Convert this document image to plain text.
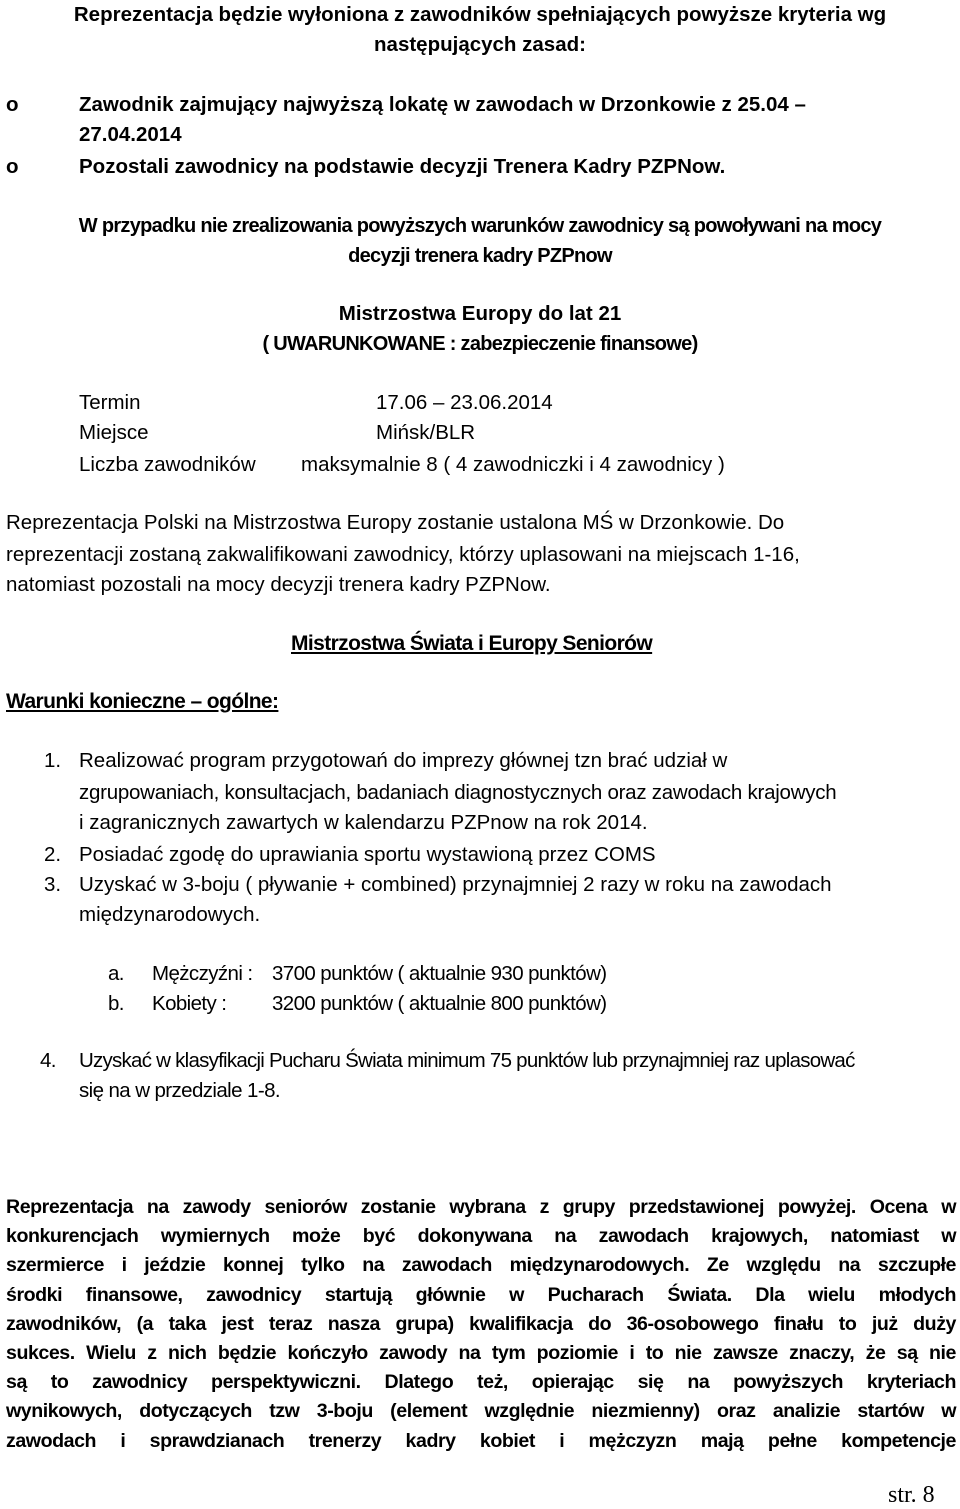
Reprezentacja będzie wyłoniona z zawodników spełniających powyższe kryteria wg
następujących zasad:
o	Zawodnik zajmujący najwyższą lokatę w zawodach w Drzonkowie z 25.04 –
27.04.2014
o	Pozostali zawodnicy na podstawie decyzji Trenera Kadry PZPNow.
W przypadku nie zrealizowania powyższych warunków zawodnicy są powoływani na mocy
decyzji trenera kadry PZPnow
Mistrzostwa Europy do lat 21
( UWARUNKOWANE : zabezpieczenie finansowe)
Termin	17.06 – 23.06.2014
Miejsce	Mińsk/BLR
Liczba zawodników maksymalnie 8 ( 4 zawodniczki i 4 zawodnicy )
Reprezentacja Polski na Mistrzostwa Europy zostanie ustalona MŚ w Drzonkowie. Do
reprezentacji zostaną zakwalifikowani zawodnicy, którzy uplasowani na miejscach 1-16,
natomiast pozostali na mocy decyzji trenera kadry PZPNow.
Mistrzostwa Świata i Europy Seniorów
Warunki konieczne – ogólne:
1. Realizować program przygotowań do imprezy głównej tzn brać udział w
zgrupowaniach, konsultacjach, badaniach diagnostycznych oraz zawodach krajowych
i zagranicznych zawartych w kalendarzu PZPnow na rok 2014.
2. Posiadać zgodę do uprawiania sportu wystawioną przez COMS
3. Uzyskać w 3-boju ( pływanie + combined) przynajmniej 2 razy w roku na zawodach
międzynarodowych.
a. Mężczyźni : 3700 punktów ( aktualnie 930 punktów)
b. Kobiety : 3200 punktów ( aktualnie 800 punktów)
4. Uzyskać w klasyfikacji Pucharu Świata minimum 75 punktów lub przynajmniej raz uplasować
się na w przedziale 1-8.
Reprezentacja na zawody seniorów zostanie wybrana z grupy przedstawionej powyżej. Ocena w
konkurencjach wymiernych może być dokonywana na zawodach krajowych, natomiast w
szermierce i jeździe konnej tylko na zawodach międzynarodowych. Ze względu na szczupłe
środki finansowe, zawodnicy startują głównie w Pucharach Świata. Dla wielu młodych
zawodników, (a taka jest teraz nasza grupa) kwalifikacja do 36-osobowego finału to już duży
sukces. Wielu z nich będzie kończyło zawody na tym poziomie i to nie zawsze znaczy, że są nie
są to zawodnicy perspektywiczni. Dlatego też, opierając się na powyższych kryteriach
wynikowych, dotyczących tzw 3-boju (element względnie niezmienny) oraz analizie startów w
zawodach i sprawdzianach trenerzy kadry kobiet i mężczyzn mają pełne kompetencje
str. 8
